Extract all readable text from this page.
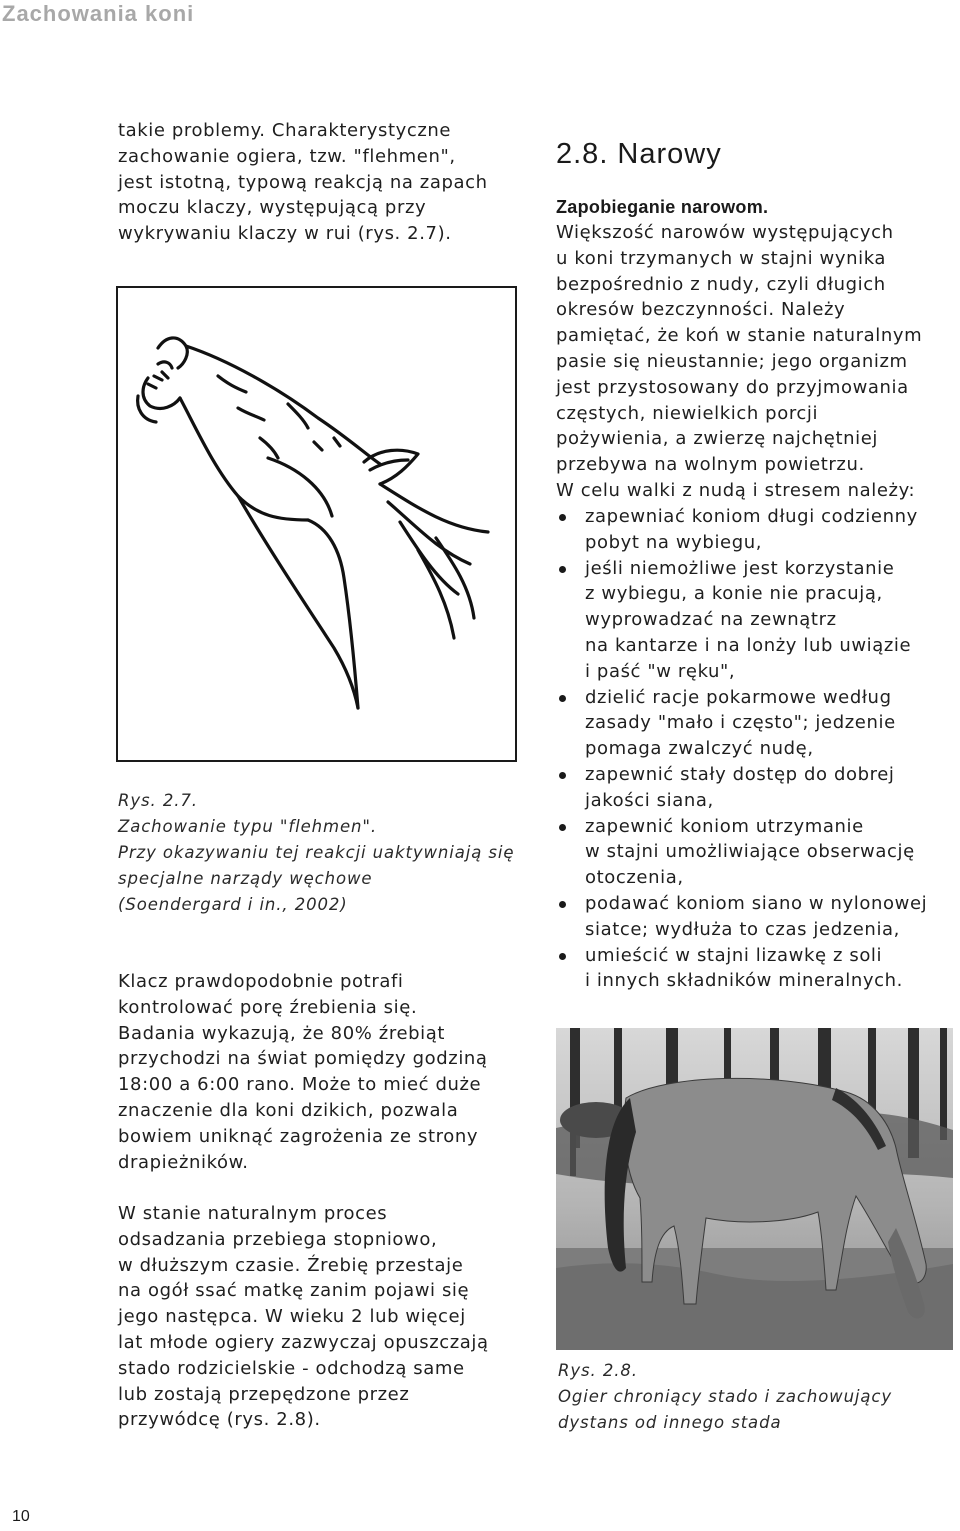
Zachowania koni
takie problemy. Charakterystyczne
zachowanie ogiera, tzw. "flehmen",
jest istotną, typową reakcją na zapach
moczu klaczy, występującą przy
wykrywaniu klaczy w rui (rys. 2.7).
Rys. 2.7.
Zachowanie typu "flehmen".
Przy okazywaniu tej reakcji uaktywniają się
specjalne narządy węchowe
(Soendergard i in., 2002)
Klacz prawdopodobnie potrafi
kontrolować porę źrebienia się.
Badania wykazują, że 80% źrebiąt
przychodzi na świat pomiędzy godziną
18:00 a 6:00 rano. Może to mieć duże
znaczenie dla koni dzikich, pozwala
bowiem uniknąć zagrożenia ze strony
drapieżników.
W stanie naturalnym proces
odsadzania przebiega stopniowo,
w dłuższym czasie. Źrebię przestaje
na ogół ssać matkę zanim pojawi się
jego następca. W wieku 2 lub więcej
lat młode ogiery zazwyczaj opuszczają
stado rodzicielskie - odchodzą same
lub zostają przepędzone przez
przywódcę (rys. 2.8).
2.8. Narowy
Zapobieganie narowom.
Większość narowów występujących
u koni trzymanych w stajni wynika
bezpośrednio z nudy, czyli długich
okresów bezczynności. Należy
pamiętać, że koń w stanie naturalnym
pasie się nieustannie; jego organizm
jest przystosowany do przyjmowania
częstych, niewielkich porcji
pożywienia, a zwierzę najchętniej
przebywa na wolnym powietrzu.
W celu walki z nudą i stresem należy:
zapewniać koniom długi codzienny
pobyt na wybiegu,
jeśli niemożliwe jest korzystanie
z wybiegu, a konie nie pracują,
wyprowadzać na zewnątrz
na kantarze i na lonży lub uwiązie
i paść "w ręku",
dzielić racje pokarmowe według
zasady "mało i często"; jedzenie
pomaga zwalczyć nudę,
zapewnić stały dostęp do dobrej
jakości siana,
zapewnić koniom utrzymanie
w stajni umożliwiające obserwację
otoczenia,
podawać koniom siano w nylonowej
siatce; wydłuża to czas jedzenia,
umieścić w stajni lizawkę z soli
i innych składników mineralnych.
Rys. 2.8.
Ogier chroniący stado i zachowujący
dystans od innego stada
10
